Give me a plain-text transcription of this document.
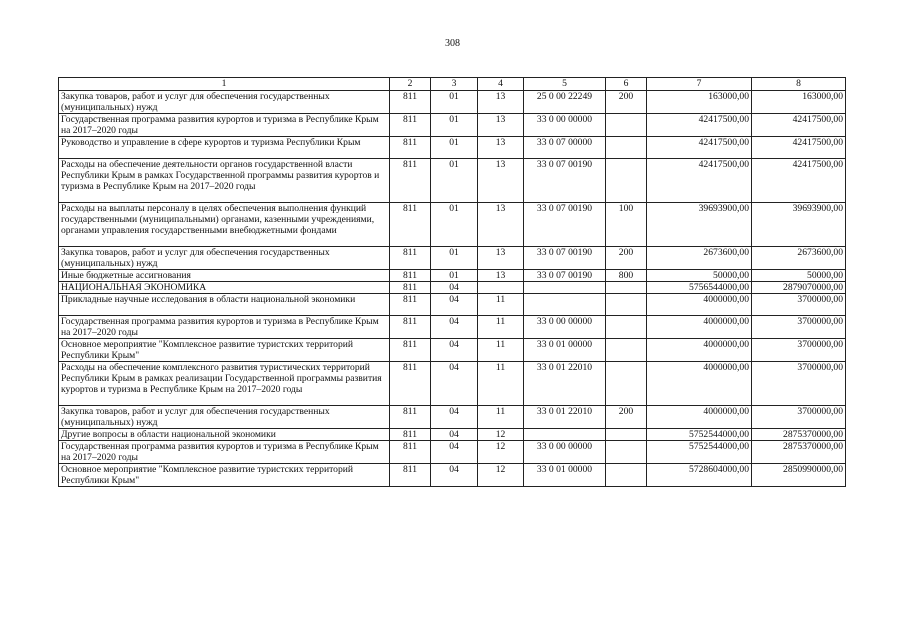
308
1	2	3	4	5	6	7	8
Закупка товаров, работ и услуг для обеспечения государственных (муниципальных) нужд	811	01	13	25 0 00 22249	200	163000,00	163000,00
Государственная программа развития курортов и туризма в Республике Крым на 2017–2020 годы	811	01	13	33 0 00 00000		42417500,00	42417500,00
Руководство и управление в сфере курортов и туризма Республики Крым	811	01	13	33 0 07 00000		42417500,00	42417500,00
Расходы на обеспечение деятельности органов государственной власти Республики Крым в рамках Государственной программы развития курортов и туризма в Республике Крым на 2017–2020 годы	811	01	13	33 0 07 00190		42417500,00	42417500,00
Расходы на выплаты персоналу в целях обеспечения выполнения функций государственными (муниципальными) органами, казенными учреждениями, органами управления государственными внебюджетными фондами	811	01	13	33 0 07 00190	100	39693900,00	39693900,00
Закупка товаров, работ и услуг для обеспечения государственных (муниципальных) нужд	811	01	13	33 0 07 00190	200	2673600,00	2673600,00
Иные бюджетные ассигнования	811	01	13	33 0 07 00190	800	50000,00	50000,00
НАЦИОНАЛЬНАЯ ЭКОНОМИКА	811	04				5756544000,00	2879070000,00
Прикладные научные исследования в области национальной экономики	811	04	11			4000000,00	3700000,00
Государственная программа развития курортов и туризма в Республике Крым на 2017–2020 годы	811	04	11	33 0 00 00000		4000000,00	3700000,00
Основное мероприятие "Комплексное развитие туристских территорий Республики Крым"	811	04	11	33 0 01 00000		4000000,00	3700000,00
Расходы на обеспечение комплексного развития туристических территорий Республики Крым в рамках реализации Государственной программы развития курортов и туризма в Республике Крым на 2017–2020 годы	811	04	11	33 0 01 22010		4000000,00	3700000,00
Закупка товаров, работ и услуг для обеспечения государственных (муниципальных) нужд	811	04	11	33 0 01 22010	200	4000000,00	3700000,00
Другие вопросы в области национальной экономики	811	04	12			5752544000,00	2875370000,00
Государственная программа развития курортов и туризма в Республике Крым на 2017–2020 годы	811	04	12	33 0 00 00000		5752544000,00	2875370000,00
Основное мероприятие "Комплексное развитие туристских территорий Республики Крым"	811	04	12	33 0 01 00000		5728604000,00	2850990000,00
